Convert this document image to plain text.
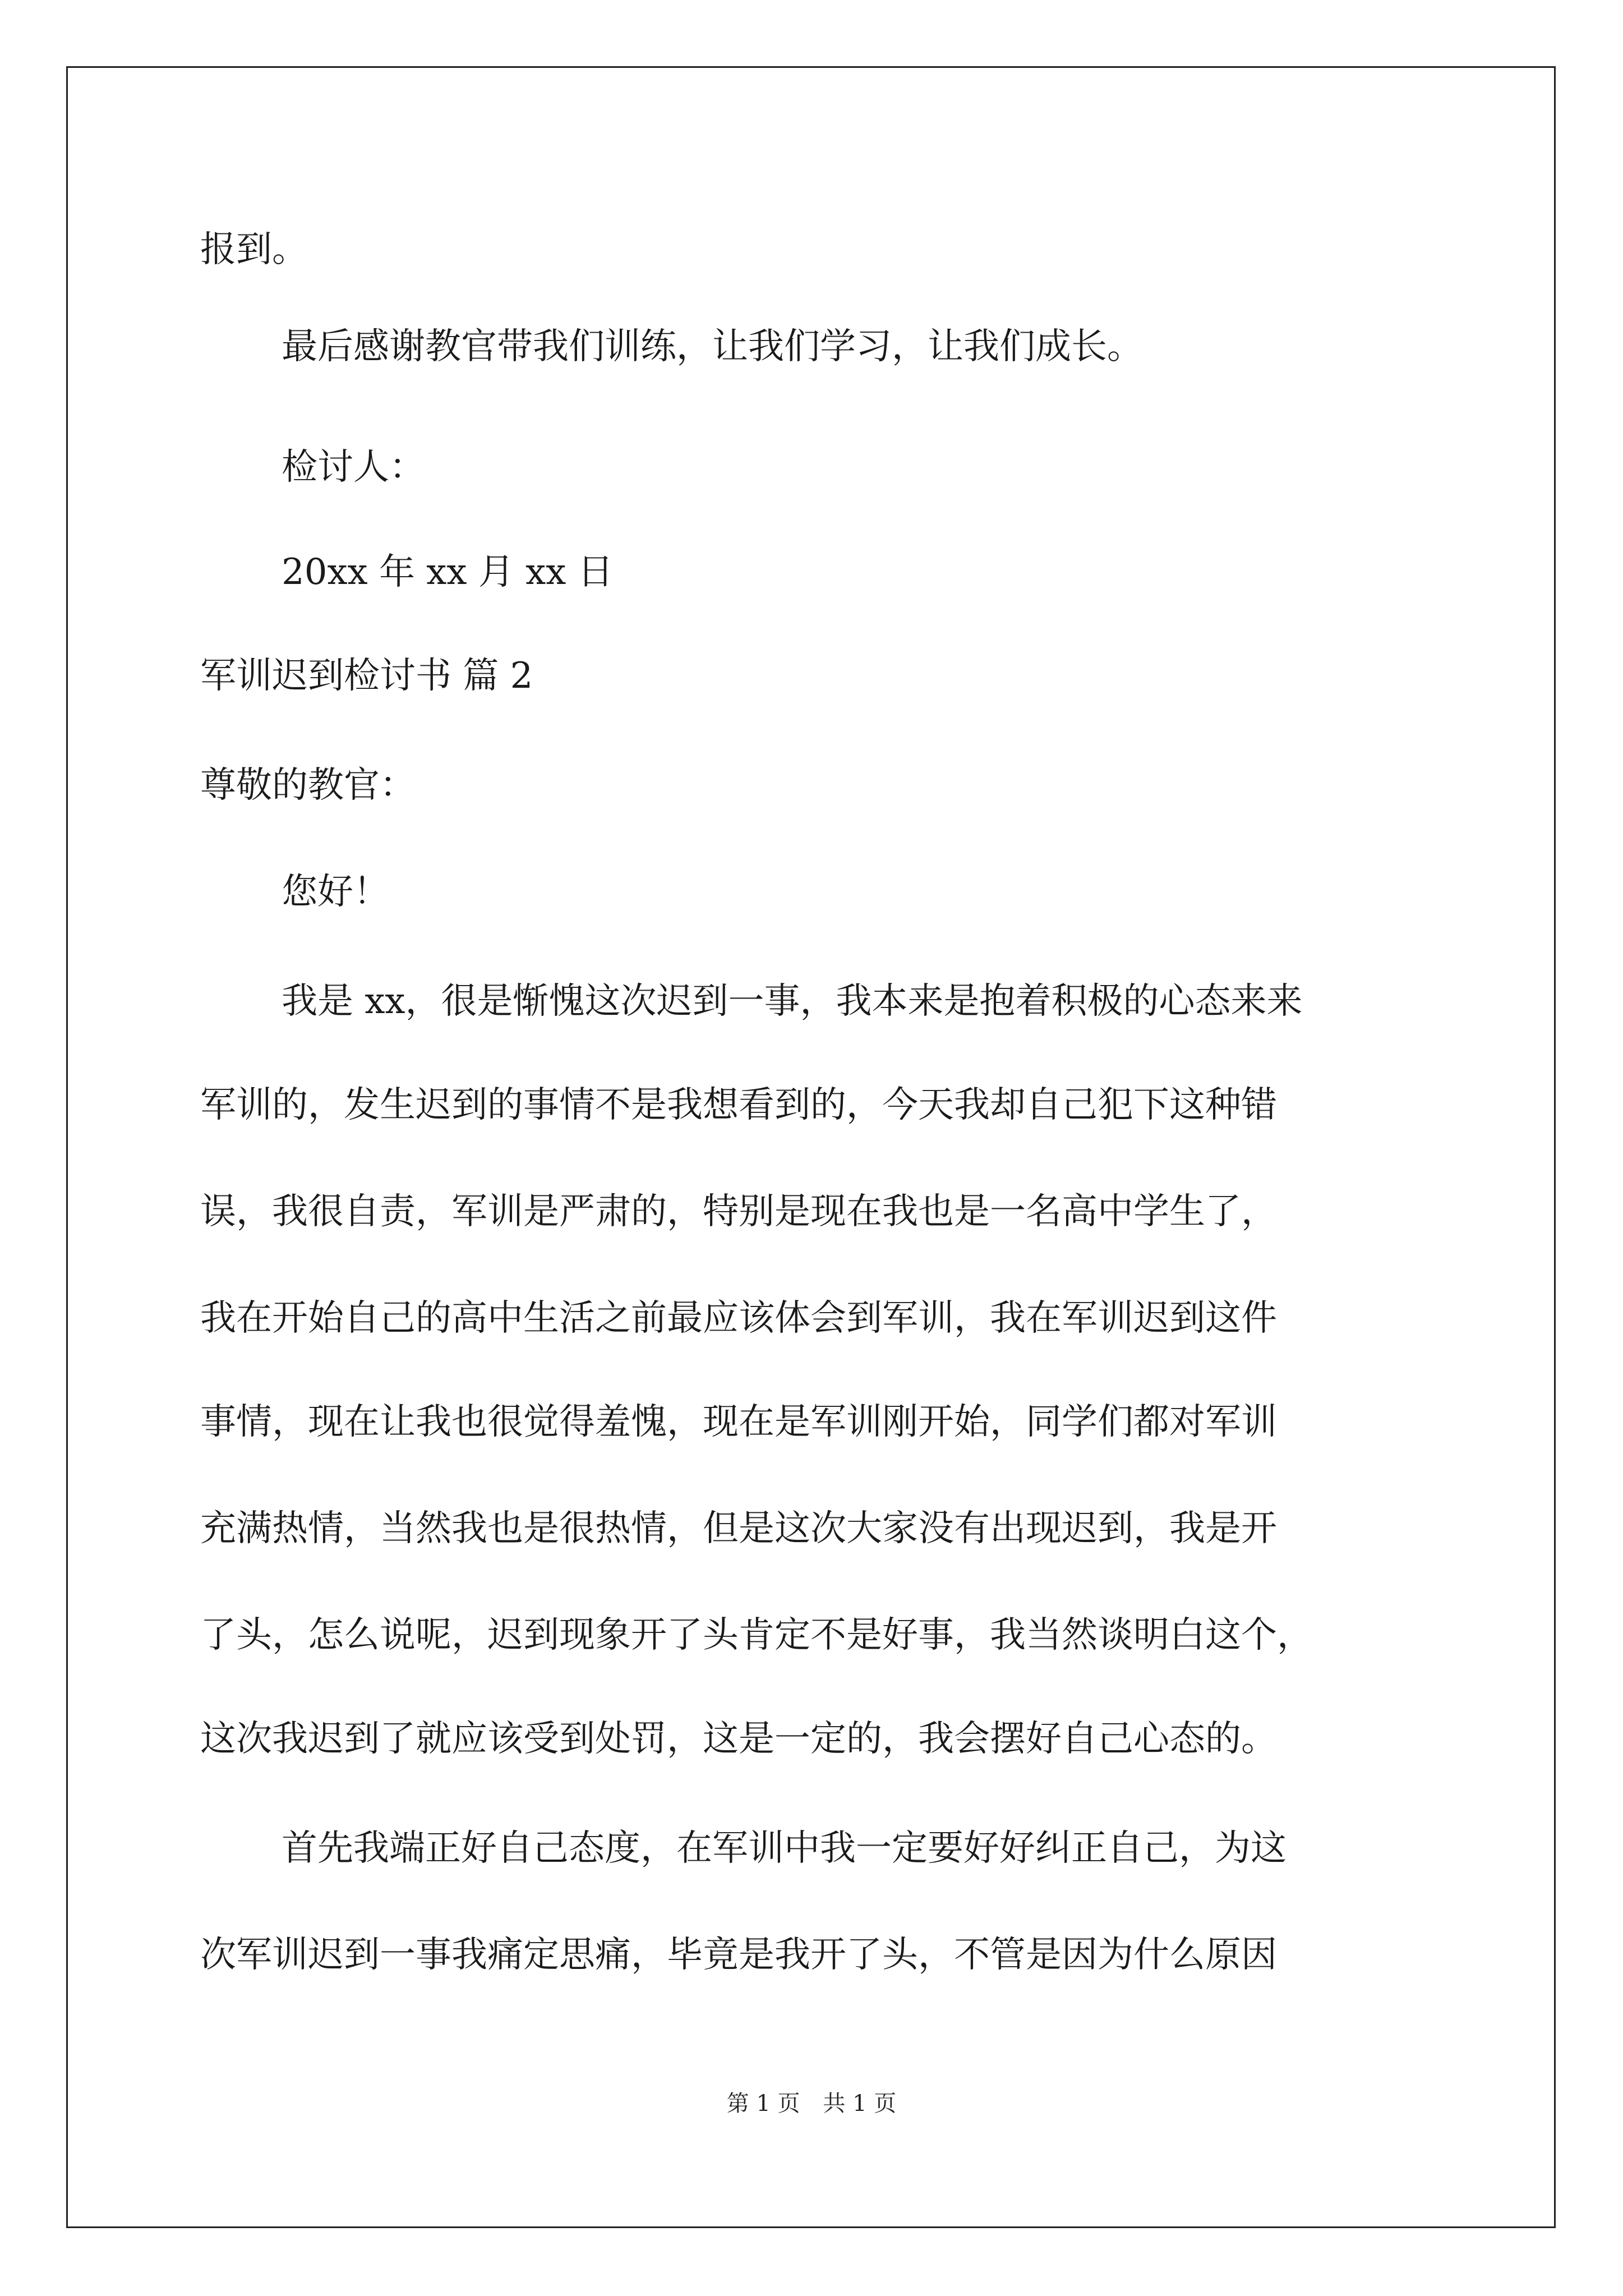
报到。
最后感谢教官带我们训练，让我们学习，让我们成长。
检讨人：
20xx 年 xx 月 xx 日
军训迟到检讨书 篇 2
尊敬的教官：
您好！
我是 xx，很是惭愧这次迟到一事，我本来是抱着积极的心态来来
军训的，发生迟到的事情不是我想看到的，今天我却自己犯下这种错
误，我很自责，军训是严肃的，特别是现在我也是一名高中学生了，
我在开始自己的高中生活之前最应该体会到军训，我在军训迟到这件
事情，现在让我也很觉得羞愧，现在是军训刚开始，同学们都对军训
充满热情，当然我也是很热情，但是这次大家没有出现迟到，我是开
了头，怎么说呢，迟到现象开了头肯定不是好事，我当然谈明白这个，
这次我迟到了就应该受到处罚，这是一定的，我会摆好自己心态的。
首先我端正好自己态度，在军训中我一定要好好纠正自己，为这
次军训迟到一事我痛定思痛，毕竟是我开了头，不管是因为什么原因
第 1 页 共 1 页
